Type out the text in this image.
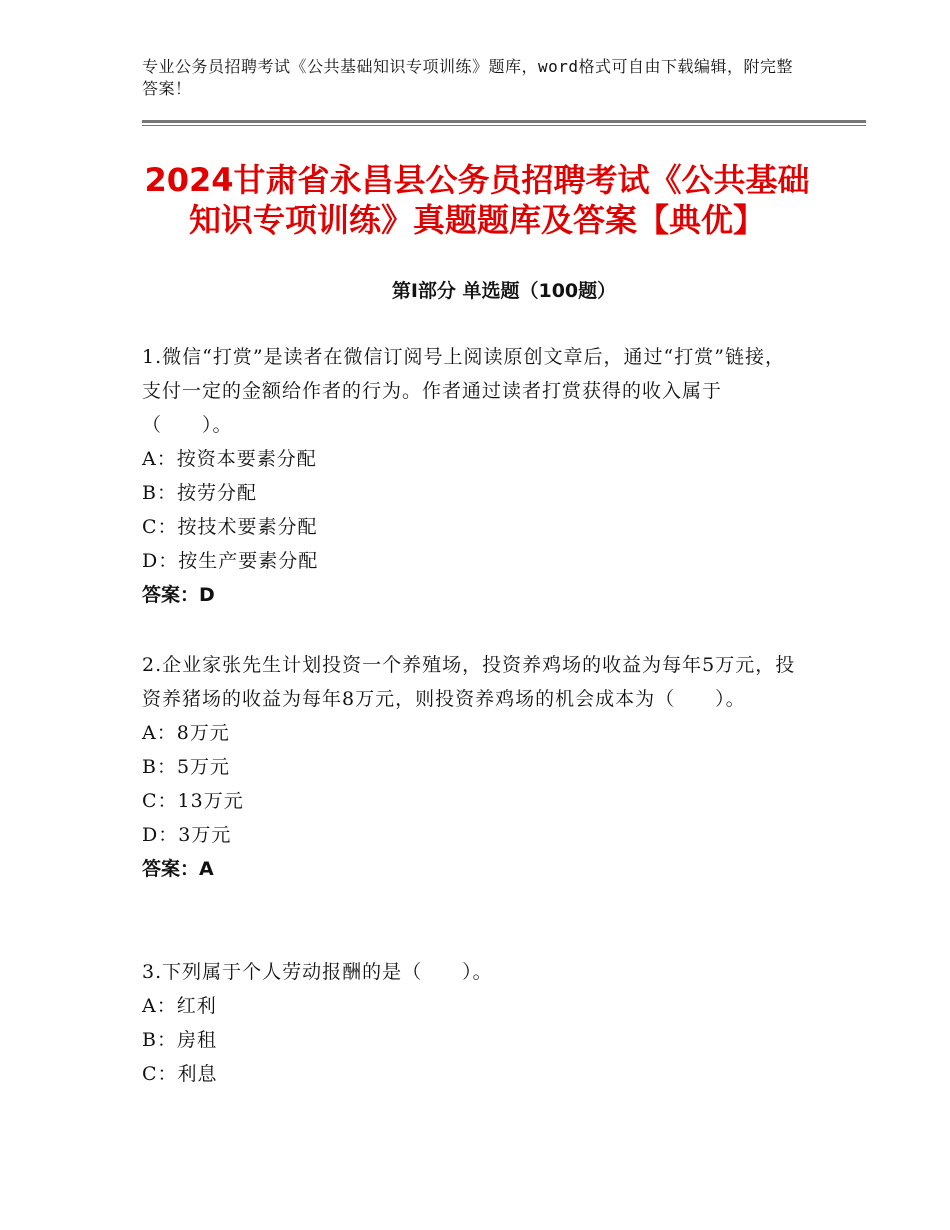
专业公务员招聘考试《公共基础知识专项训练》题库，word格式可自由下载编辑，附完整答案！
2024甘肃省永昌县公务员招聘考试《公共基础知识专项训练》真题题库及答案【典优】
第Ⅰ部分 单选题（100题）
1.微信“打赏”是读者在微信订阅号上阅读原创文章后，通过“打赏”链接，支付一定的金额给作者的行为。作者通过读者打赏获得的收入属于（　　）。
A：按资本要素分配
B：按劳分配
C：按技术要素分配
D：按生产要素分配
答案：D
2.企业家张先生计划投资一个养殖场，投资养鸡场的收益为每年5万元，投资养猪场的收益为每年8万元，则投资养鸡场的机会成本为（　　）。
A：8万元
B：5万元
C：13万元
D：3万元
答案：A
3.下列属于个人劳动报酬的是（　　）。
A：红利
B：房租
C：利息
